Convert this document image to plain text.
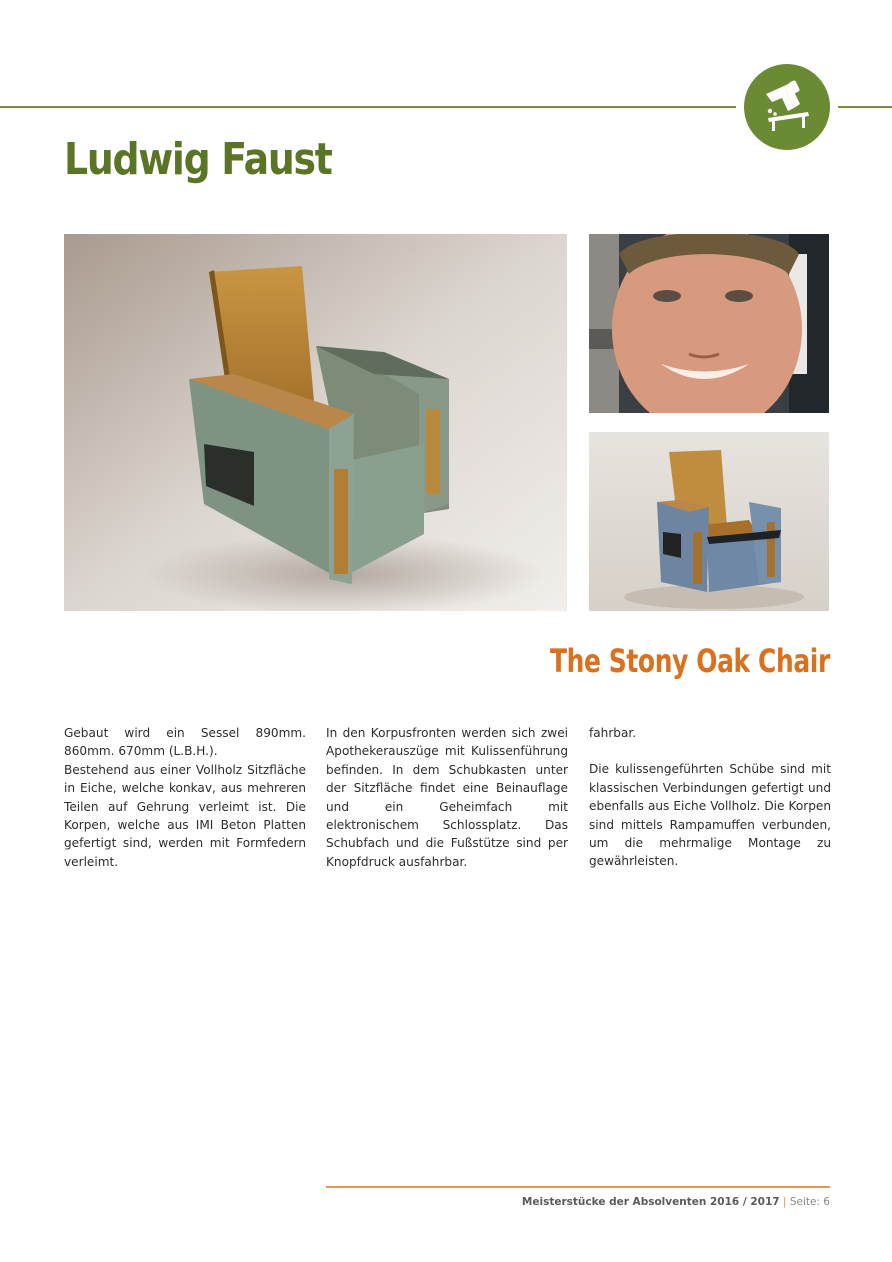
Ludwig Faust
The Stony Oak Chair

Gebaut wird ein Sessel 890mm. 860mm. 670mm (L.B.H.).

Bestehend aus einer Vollholz Sitzfläche in Eiche, welche konkav, aus mehreren Teilen auf Gehrung verleimt ist. Die Korpen, welche aus IMI Beton Platten gefertigt sind, werden mit Formfedern verleimt.

In den Korpusfronten werden sich zwei Apothekerauszüge mit Kulissenführung befinden. In dem Schubkasten unter der Sitzfläche findet eine Beinauflage und ein Geheimfach mit elektronischem Schlossplatz. Das Schubfach und die Fußstütze sind per Knopfdruck ausfahrbar.

fahrbar.

Die kulissengeführten Schübe sind mit klassischen Verbindungen gefertigt und ebenfalls aus Eiche Vollholz. Die Korpen sind mittels Rampamuffen verbunden, um die mehrmalige Montage zu gewährleisten.

Meisterstücke der Absolventen 2016 / 2017 | Seite: 6
